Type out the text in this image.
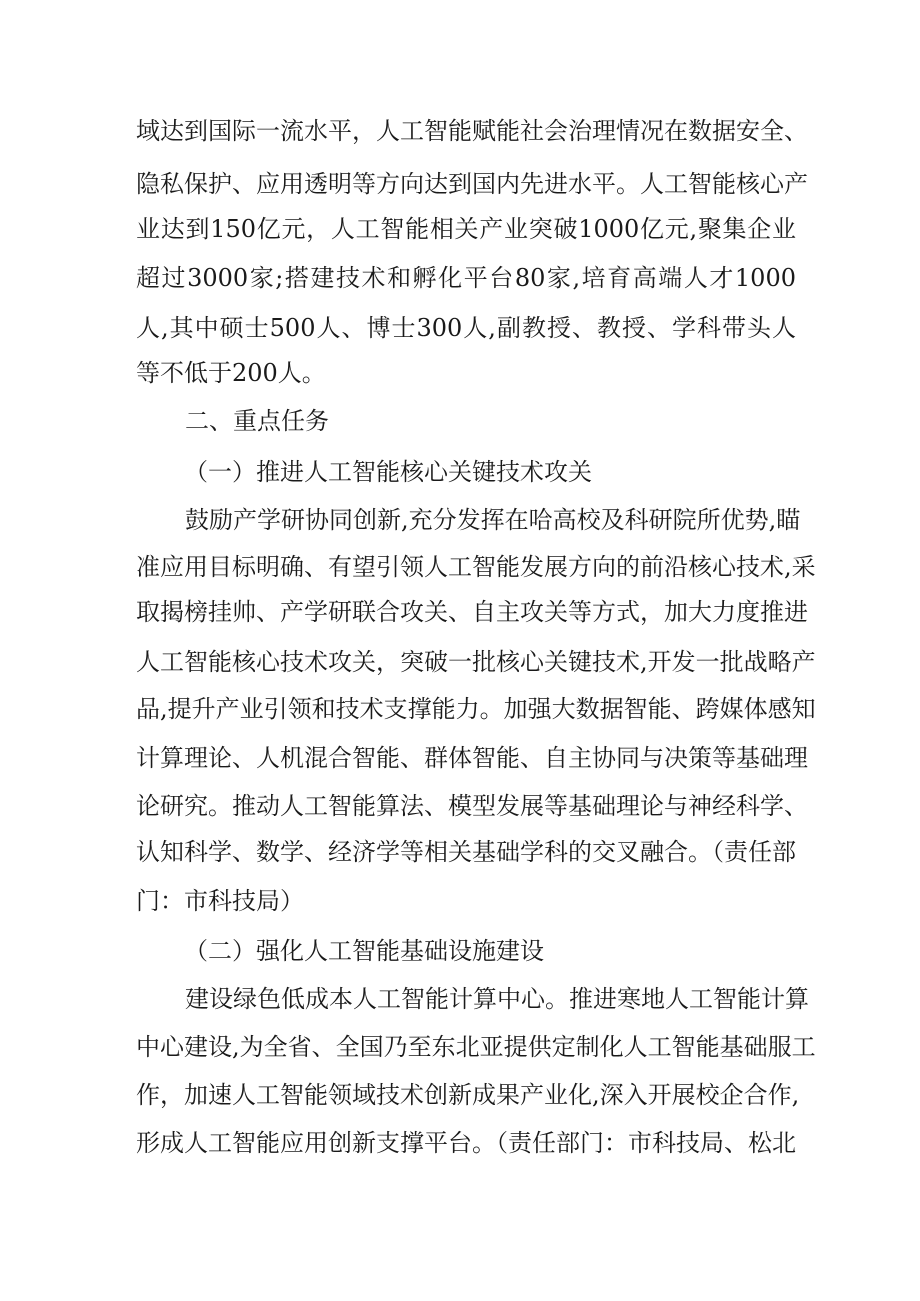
域达到国际一流水平，人工智能赋能社会治理情况在数据安全、

隐私保护、应用透明等方向达到国内先进水平。人工智能核心产

业达到150亿元，人工智能相关产业突破1000亿元,聚集企业

超过3000家;搭建技术和孵化平台80家,培育高端人才1000

人,其中硕士500人、博士300人,副教授、教授、学科带头人

等不低于200人。

二、重点任务

（一）推进人工智能核心关键技术攻关

鼓励产学研协同创新,充分发挥在哈高校及科研院所优势,瞄

准应用目标明确、有望引领人工智能发展方向的前沿核心技术,采

取揭榜挂帅、产学研联合攻关、自主攻关等方式，加大力度推进

人工智能核心技术攻关，突破一批核心关键技术,开发一批战略产

品,提升产业引领和技术支撑能力。加强大数据智能、跨媒体感知

计算理论、人机混合智能、群体智能、自主协同与决策等基础理

论研究。推动人工智能算法、模型发展等基础理论与神经科学、

认知科学、数学、经济学等相关基础学科的交叉融合。（责任部

门：市科技局）

（二）强化人工智能基础设施建设

建设绿色低成本人工智能计算中心。推进寒地人工智能计算

中心建设,为全省、全国乃至东北亚提供定制化人工智能基础服工

作，加速人工智能领域技术创新成果产业化,深入开展校企合作,

形成人工智能应用创新支撑平台。（责任部门：市科技局、松北
